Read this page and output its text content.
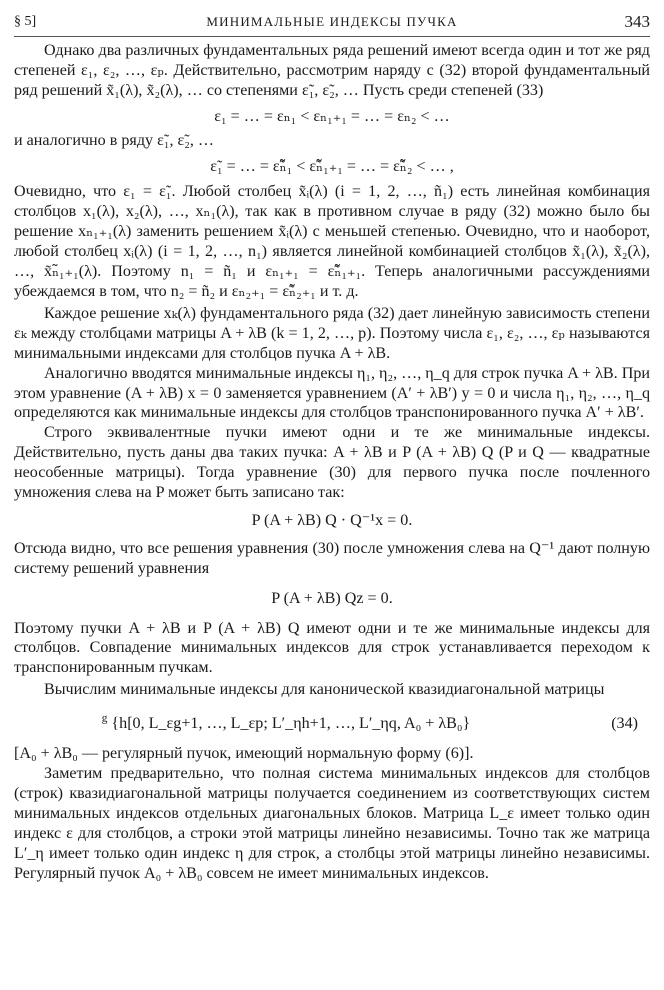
§ 5]	МИНИМАЛЬНЫЕ ИНДЕКСЫ ПУЧКА	343

Однако два различных фундаментальных ряда решений имеют всегда один и тот же ряд степеней ε₁, ε₂, …, εₚ. Действительно, рассмотрим наряду с (32) второй фундаментальный ряд решений x̃₁(λ), x̃₂(λ), … со степенями ε̃₁, ε̃₂, … Пусть среди степеней (33)

ε₁ = … = εₙ₁ < εₙ₁₊₁ = … = εₙ₂ < …

и аналогично в ряду ε̃₁, ε̃₂, …

ε̃₁ = … = ε̃ₙ̃₁ < ε̃ₙ̃₁₊₁ = … = ε̃ₙ̃₂ < … ,

Очевидно, что ε₁ = ε̃₁. Любой столбец x̃ᵢ(λ) (i = 1, 2, …, ñ₁) есть линейная комбинация столбцов x₁(λ), x₂(λ), …, xₙ₁(λ), так как в противном случае в ряду (32) можно было бы решение xₙ₁₊₁(λ) заменить решением x̃ᵢ(λ) с меньшей степенью. Очевидно, что и наоборот, любой столбец xᵢ(λ) (i = 1, 2, …, n₁) является линейной комбинацией столбцов x̃₁(λ), x̃₂(λ), …, x̃ₙ̃₁₊₁(λ). Поэтому n₁ = ñ₁ и εₙ₁₊₁ = ε̃ₙ̃₁₊₁. Теперь аналогичными рассуждениями убеждаемся в том, что n₂ = ñ₂ и εₙ₂₊₁ = ε̃ₙ̃₂₊₁ и т. д.

Каждое решение xₖ(λ) фундаментального ряда (32) дает линейную зависимость степени εₖ между столбцами матрицы A + λB (k = 1, 2, …, p). Поэтому числа ε₁, ε₂, …, εₚ называются минимальными индексами для столбцов пучка A + λB.

Аналогично вводятся минимальные индексы η₁, η₂, …, η_q для строк пучка A + λB. При этом уравнение (A + λB) x = 0 заменяется уравнением (A′ + λB′) y = 0 и числа η₁, η₂, …, η_q определяются как минимальные индексы для столбцов транспонированного пучка A′ + λB′.

Строго эквивалентные пучки имеют одни и те же минимальные индексы. Действительно, пусть даны два таких пучка: A + λB и P (A + λB) Q (P и Q — квадратные неособенные матрицы). Тогда уравнение (30) для первого пучка после почленного умножения слева на P может быть записано так:

P (A + λB) Q · Q⁻¹x = 0.

Отсюда видно, что все решения уравнения (30) после умножения слева на Q⁻¹ дают полную систему решений уравнения

P (A + λB) Qz = 0.

Поэтому пучки A + λB и P (A + λB) Q имеют одни и те же минимальные индексы для столбцов. Совпадение минимальных индексов для строк устанавливается переходом к транспонированным пучкам.

Вычислим минимальные индексы для канонической квазидиагональной матрицы

$^g$ {h[0, L_εg+1, …, L_εp; L′_ηh+1, …, L′_ηq, A₀ + λB₀}	(34)

[A₀ + λB₀ — регулярный пучок, имеющий нормальную форму (6)].

Заметим предварительно, что полная система минимальных индексов для столбцов (строк) квазидиагональной матрицы получается соединением из соответствующих систем минимальных индексов отдельных диагональных блоков. Матрица L_ε имеет только один индекс ε для столбцов, а строки этой матрицы линейно независимы. Точно так же матрица L′_η имеет только один индекс η для строк, а столбцы этой матрицы линейно независимы. Регулярный пучок A₀ + λB₀ совсем не имеет минимальных индексов.
